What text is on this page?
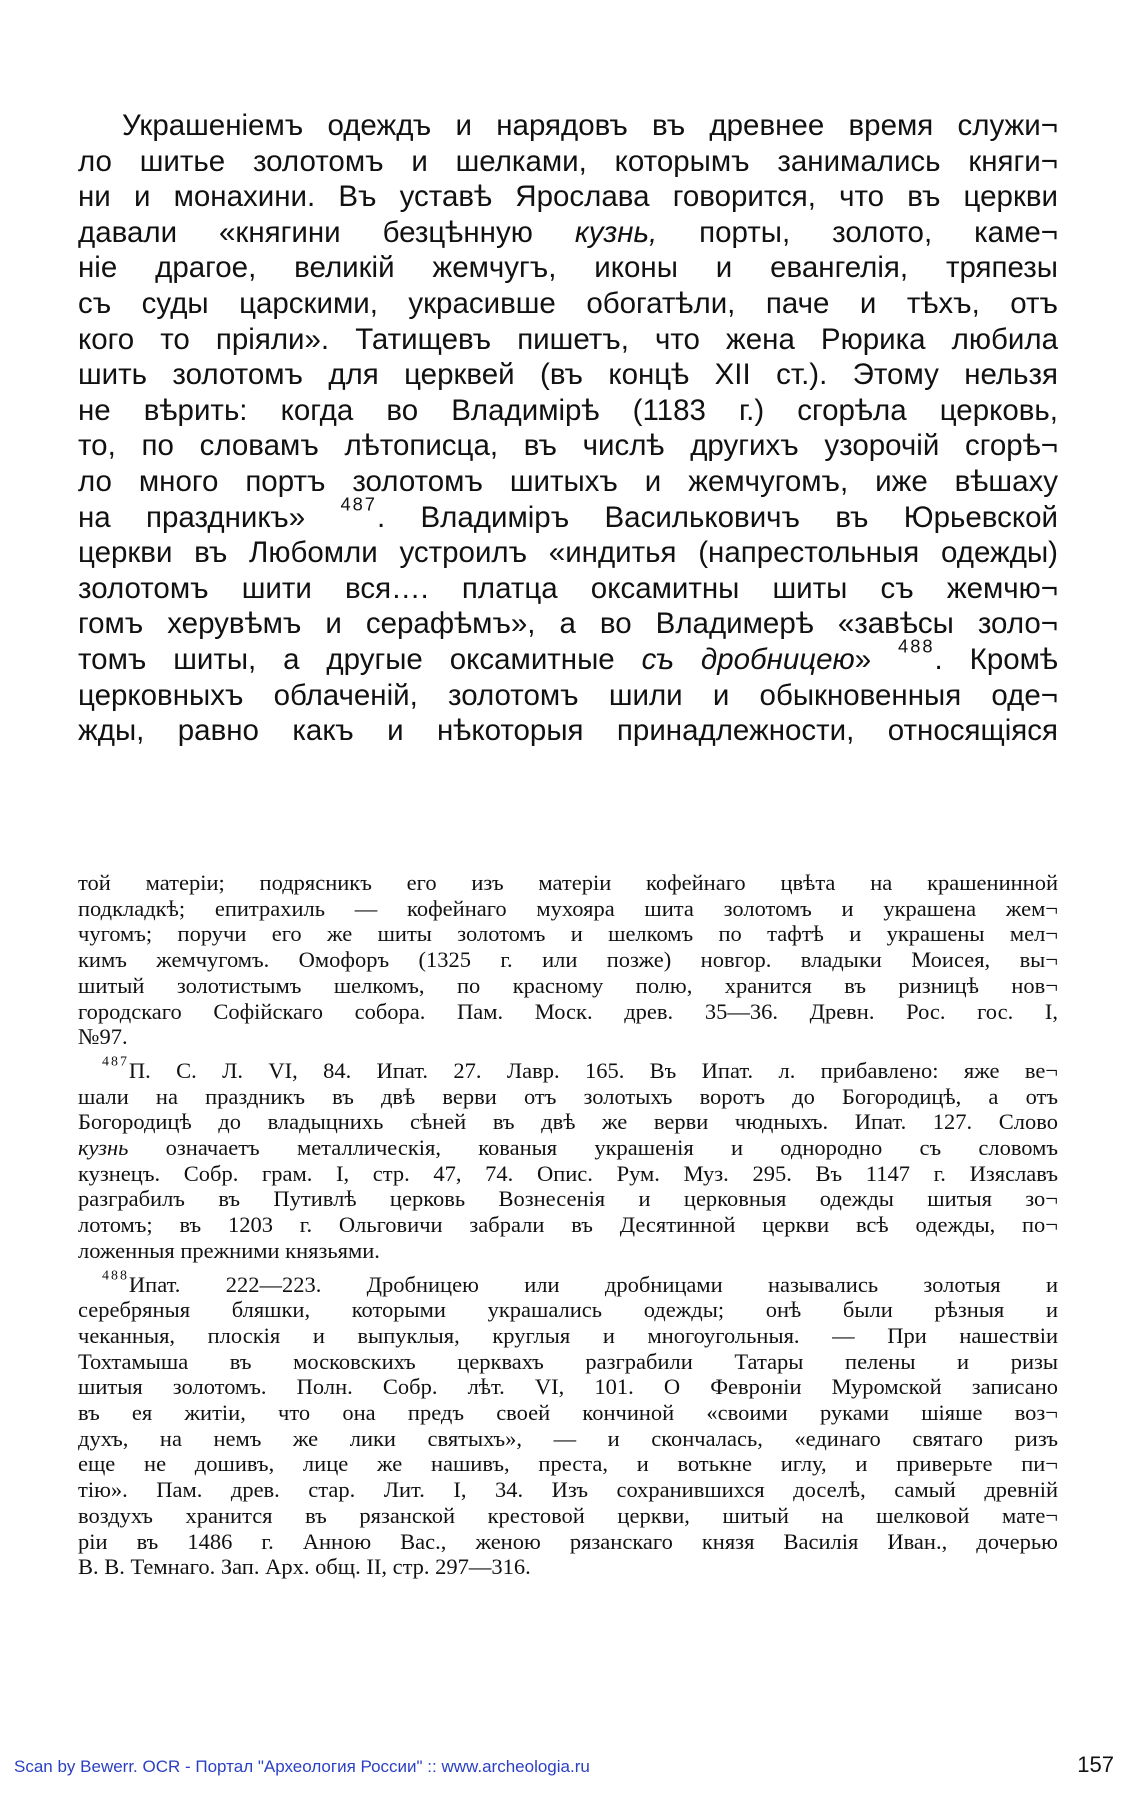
Украшеніемъ одеждъ и нарядовъ въ древнее время служи¬
ло шитье золотомъ и шелками, которымъ занимались княги¬
ни и монахини. Въ уставѣ Ярослава говорится, что въ церкви
давали «княгини безцѣнную кузнь, порты, золото, каме¬
ніе драгое, великій жемчугъ, иконы и евангелія, тряпезы
съ суды царскими, украсивше обогатѣли, паче и тѣхъ, отъ
кого то пріяли». Татищевъ пишетъ, что жена Рюрика любила
шить золотомъ для церквей (въ концѣ XII ст.). Этому нельзя
не вѣрить: когда во Владимірѣ (1183 г.) сгорѣла церковь,
то, по словамъ лѣтописца, въ числѣ другихъ узорочій сгорѣ¬
ло много портъ золотомъ шитыхъ и жемчугомъ, иже вѣшаху
на праздникъ» $^{487}$. Владиміръ Васильковичъ въ Юрьевской
церкви въ Любомли устроилъ «индитья (напрестольныя одежды)
золотомъ шити вся…. платца оксамитны шиты съ жемчю¬
гомъ херувѣмъ и серафѣмъ», а во Владимерѣ «завѣсы золо¬
томъ шиты, а другые оксамитные съ дробницею» $^{488}$. Кромѣ
церковныхъ облаченій, золотомъ шили и обыкновенныя оде¬
жды, равно какъ и нѣкоторыя принадлежности, относящіяся
той матеріи; подрясникъ его изъ матеріи кофейнаго цвѣта на крашенинной
подкладкѣ; епитрахиль — кофейнаго мухояра шита золотомъ и украшена жем¬
чугомъ; поручи его же шиты золотомъ и шелкомъ по тафтѣ и украшены мел¬
кимъ жемчугомъ. Омофоръ (1325 г. или позже) новгор. владыки Моисея, вы¬
шитый золотистымъ шелкомъ, по красному полю, хранится въ ризницѣ нов¬
городскаго Софійскаго собора. Пам. Моск. древ. 35—36. Древн. Рос. гос. I,
№97.
$^{487}$П. С. Л. VI, 84. Ипат. 27. Лавр. 165. Въ Ипат. л. прибавлено: яже ве¬
шали на праздникъ въ двѣ верви отъ золотыхъ воротъ до Богородицѣ, а отъ
Богородицѣ до владыцниxь сѣней въ двѣ же верви чюдныхъ. Ипат. 127. Слово
кузнь означаетъ металлическія, кованыя украшенія и однородно съ словомъ
кузнецъ. Собр. грам. I, стр. 47, 74. Опис. Рум. Муз. 295. Въ 1147 г. Изяславъ
разграбилъ въ Путивлѣ церковь Вознесенія и церковныя одежды шитыя зо¬
лотомъ; въ 1203 г. Ольговичи забрали въ Десятинной церкви всѣ одежды, по¬
ложенныя прежними князьями.
$^{488}$Ипат. 222—223. Дробницею или дробницами назывались золотыя и
серебряныя бляшки, которыми украшались одежды; онѣ были рѣзныя и
чеканныя, плоскія и выпуклыя, круглыя и многоугольныя. — При нашествіи
Тохтамыша въ московскихъ церквахъ разграбили Татары пелены и ризы
шитыя золотомъ. Полн. Собр. лѣт. VI, 101. О Февроніи Муромской записано
въ ея житіи, что она предъ своей кончиной «своими руками шіяше воз¬
духъ, на немъ же лики святыхъ», — и скончалась, «единаго святаго ризъ
еще не дошивъ, лице же нашивъ, преста, и вотькне иглу, и приверьте пи¬
тію». Пам. древ. стар. Лит. I, 34. Изъ сохранившихся доселѣ, самый древній
воздухъ хранится въ рязанской крестовой церкви, шитый на шелковой мате¬
ріи въ 1486 г. Анною Вас., женою рязанскаго князя Василія Иван., дочерью
В. В. Темнаго. Зап. Арх. общ. II, стр. 297—316.
Scan by Bewerr. OCR - Портал "Археология России" :: www.archeologia.ru	157
